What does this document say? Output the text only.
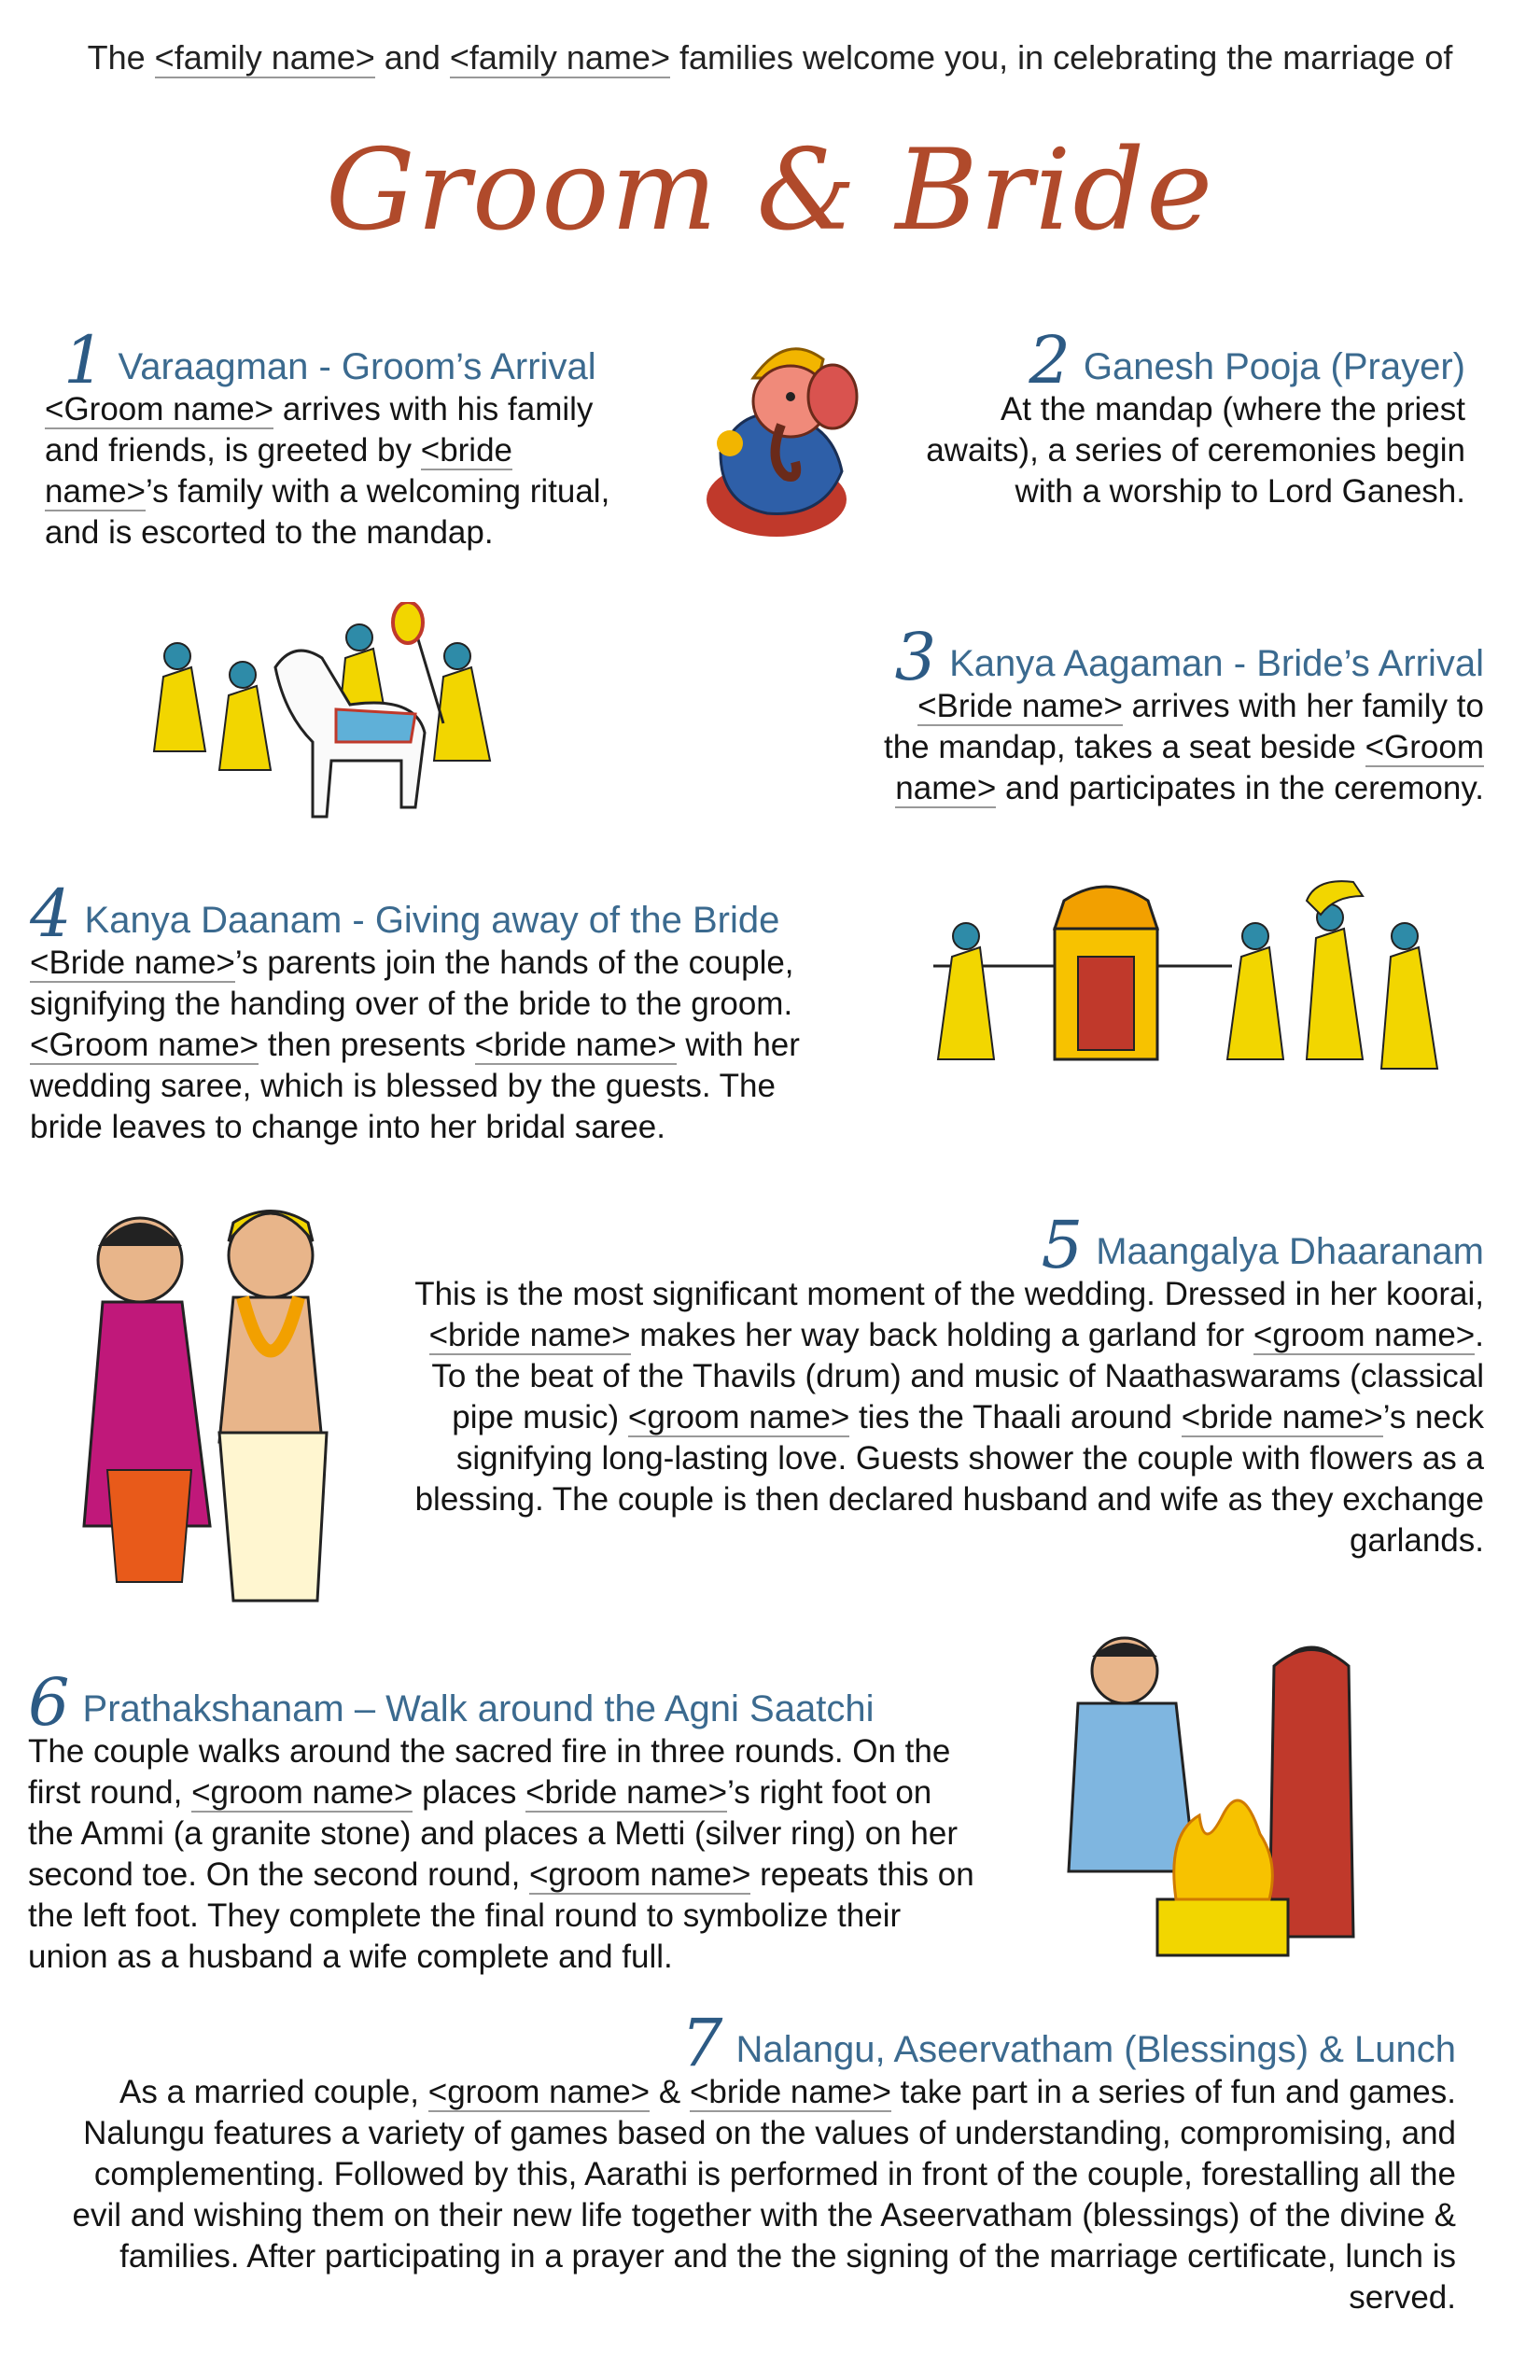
The <family name> and <family name> families welcome you, in celebrating the marriage of
Groom & Bride
1 Varaagman - Groom’s Arrival
<Groom name> arrives with his family and friends, is greeted by <bride name>’s family with a welcoming ritual, and is escorted to the mandap.
2 Ganesh Pooja (Prayer)
At the mandap (where the priest awaits), a series of ceremonies begin with a worship to Lord Ganesh.
3 Kanya Aagaman - Bride’s Arrival
<Bride name> arrives with her family to the mandap, takes a seat beside <Groom name> and participates in the ceremony.
4 Kanya Daanam - Giving away of the Bride
<Bride name>’s parents join the hands of the couple, signifying the handing over of the bride to the groom. <Groom name> then presents <bride name> with her wedding saree, which is blessed by the guests. The bride leaves to change into her bridal saree.
5 Maangalya Dhaaranam
This is the most significant moment of the wedding. Dressed in her koorai, <bride name> makes her way back holding a garland for <groom name>. To the beat of the Thavils (drum) and music of Naathaswarams (classical pipe music) <groom name> ties the Thaali around <bride name>’s neck signifying long-lasting love. Guests shower the couple with flowers as a blessing. The couple is then declared husband and wife as they exchange garlands.
6 Prathakshanam – Walk around the Agni Saatchi
The couple walks around the sacred fire in three rounds. On the first round, <groom name> places <bride name>’s right foot on the Ammi (a granite stone) and places a Metti (silver ring) on her second toe. On the second round, <groom name> repeats this on the left foot. They complete the final round to symbolize their union as a husband a wife complete and full.
7 Nalangu, Aseervatham (Blessings) & Lunch
As a married couple, <groom name> & <bride name> take part in a series of fun and games. Nalungu features a variety of games based on the values of understanding, compromising, and complementing. Followed by this, Aarathi is performed in front of the couple, forestalling all the evil and wishing them on their new life together with the Aseervatham (blessings) of the divine & families. After participating in a prayer and the the signing of the marriage certificate, lunch is served.
